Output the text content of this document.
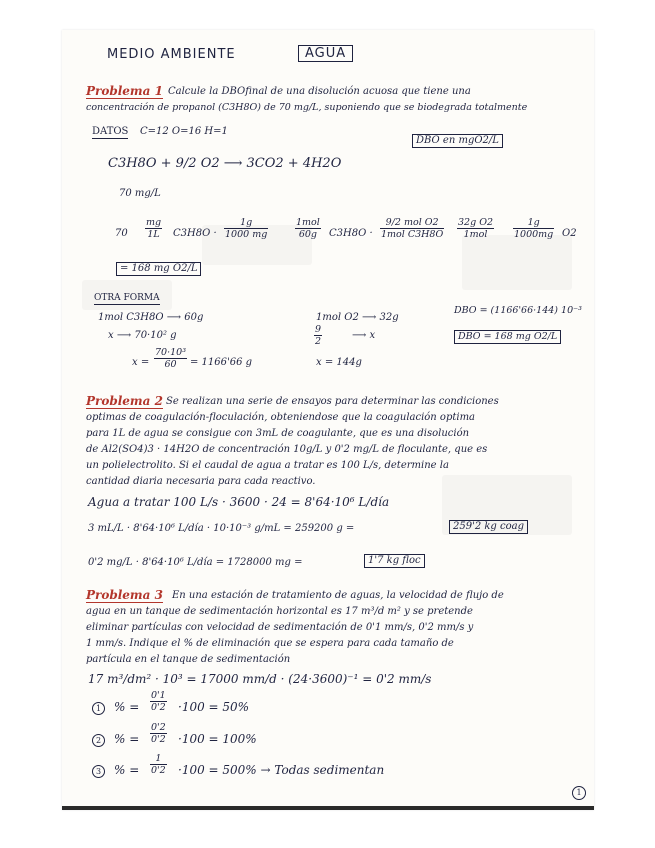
MEDIO AMBIENTE	AGUA
Problema 1 Calcule la DBOfinal de una disolución acuosa que tiene una
concentración de propanol (C3H8O) de 70 mg/L, suponiendo que se biodegrada totalmente
DATOS C=12 O=16 H=1
DBO en mgO2/L
C3H8O + 9/2 O2 ⟶ 3CO2 + 4H2O
70 mg/L
$70 \frac{mg}{1L} C3H8O \cdot \frac{1g}{1000 mg}$	1mol
60g	C3H8O ·
9/2 mol O2
1mol C3H8O
32g O2
1mol	$\frac{1g}{1000mg} O2$
= 168 mg O2/L
OTRA FORMA
1mol C3H8O ⟶ 60g
x ⟶ 70·10² g
$x = \frac{\text{70·10³}}{60} = 1166'66$ g
1mol O2 ⟶ 32g
$\frac{9}{2}$	⟶ x
x = 144g
DBO = (1166'66·144) 10⁻³
DBO = 168 mg O2/L
Problema 2 Se realizan una serie de ensayos para determinar las condiciones
optimas de coagulación-floculación, obteniendose que la coagulación optima
para 1L de agua se consigue con 3mL de coagulante, que es una disolución
de Al2(SO4)3 · 14H2O de concentración 10g/L y 0'2 mg/L de floculante, que es
un polielectrolito. Si el caudal de agua a tratar es 100 L/s, determine la
cantidad diaria necesaria para cada reactivo.
Agua a tratar 100 L/s · 3600 · 24 = 8'64·10⁶ L/día
3 mL/L · 8'64·10⁶ L/día · 10·10⁻³ g/mL = 259200 g =	259'2 kg coag
0'2 mg/L · 8'64·10⁶ L/día = 1728000 mg =	1'7 kg floc
Problema 3 En una estación de tratamiento de aguas, la velocidad de flujo de
agua en un tanque de sedimentación horizontal es 17 m³/d m² y se pretende
eliminar partículas con velocidad de sedimentación de 0'1 mm/s, 0'2 mm/s y
1 mm/s. Indique el % de eliminación que se espera para cada tamaño de
partícula en el tanque de sedimentación
17 m³/dm² · 10³ = 17000 mm/d · (24·3600)⁻¹ = 0'2 mm/s
1	% = $\frac{0'1}{0'2} \cdot 100 = 50\%$
2	% = $\frac{0'2}{0'2} \cdot 100 = 100\%$
3	% = $\frac{1}{0'2} \cdot 100 = 500\%$ → Todas sedimentan
1
